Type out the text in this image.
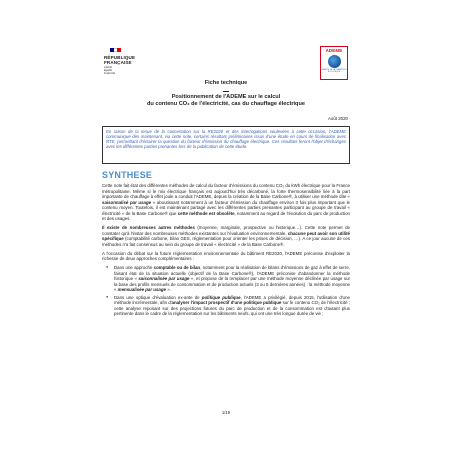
RÉPUBLIQUE
FRANÇAISE
Liberté
Égalité
Fraternité
ADEME
AGENCE DE LA TRANSITION ÉCOLOGIQUE
Fiche technique
Positionnement de l'ADEME sur le calcul
du contenu CO₂ de l'électricité, cas du chauffage électrique
Août 2020
En raison de la tenue de la concertation sur la RE2020 et des interrogations soulevées à cette occasion, l'ADEME communique dès maintenant, via cette note, certains résultats préliminaires issus d'une étude en cours de finalisation avec RTE, permettant d'éclairer la question du facteur d'émission du chauffage électrique. Ces résultats feront l'objet d'échanges avec les différentes parties prenantes lors de la publication de cette étude.
SYNTHESE

Cette note fait état des différentes méthodes de calcul du facteur d'émissions du contenu CO₂ du kWh électrique pour la France métropolitaine. Même si le mix électrique français est aujourd'hui très décarboné, la forte thermosensibilité liée à la part importante de chauffage à effet joule a conduit l'ADEME, depuis la création de la Base Carbone®, à utiliser une méthode dite « saisonnalisé par usage » aboutissant notamment à un facteur d'émission du chauffage environ 3 fois plus important que le contenu moyen. Toutefois, il est maintenant partagé avec les différentes parties prenantes participant au groupe de travail « électricité » de la Base Carbone® que cette méthode est obsolète, notamment au regard de l'évolution du parc de production et des usages.

Il existe de nombreuses autres méthodes (moyenne, marginale, prospective ou historique…). Cette note permet de constater qu'à l'instar des nombreuses méthodes existantes sur l'évaluation environnementale, chacune peut avoir son utilité spécifique (comptabilité carbone, bilan GES, réglementation pour orienter les prises de décision, …). A ce jour aucune de ces méthodes n'a fait consensus au sein du groupe de travail « électricité » de la Base Carbone®.

A l'occasion du débat sur la future réglementation environnementale du bâtiment RE2020, l'ADEME préconise d'exploiter la richesse de deux approches complémentaires :

● Dans une approche comptable ou de bilan, notamment pour la réalisation de bilans d'émissions de gaz à effet de serre, faisant état de la situation actuelle (objectif de la Base Carbone®), l'ADEME préconise d'abandonner la méthode historique « saisonnalisée par usage », et propose de la remplacer par une méthode moyenne déclinée par usage sur la base des profils mensuels de consommation et de production actuels (3 ou 5 dernières années) : la méthode moyenne « mensualisée par usage ».
● Dans une optique d'évaluation ex-ante de politique publique, l'ADEME a privilégié, depuis 2015, l'utilisation d'une méthode incrémentale, afin d'analyser l'impact prospectif d'une politique publique sur le contenu CO₂ de l'électricité ; cette analyse reposant sur des projections futures du parc de production et de la consommation est d'autant plus pertinente dans le cadre de la réglementation sur les bâtiments neufs, qui ont une très longue durée de vie ;
1/19
